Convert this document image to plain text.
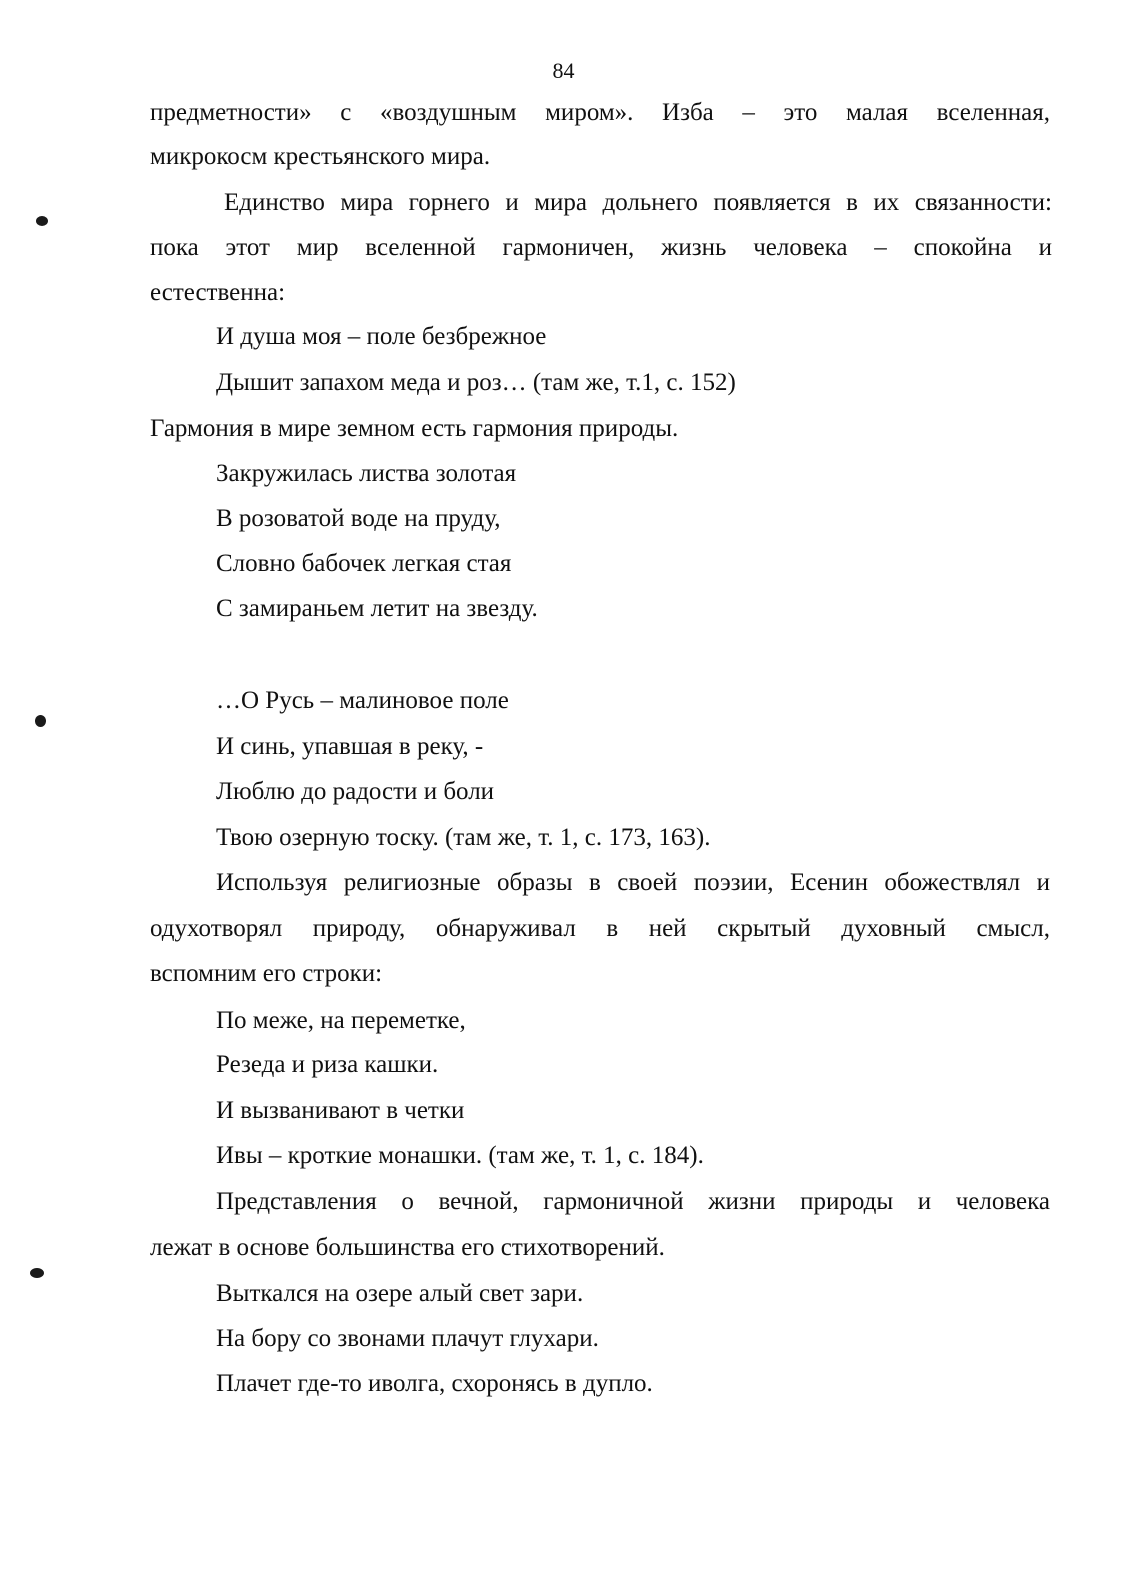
84
предметности» с «воздушным миром». Изба – это малая вселенная,
микрокосм крестьянского мира.
Единство мира горнего и мира дольнего появляется в их связанности:
пока этот мир вселенной гармоничен, жизнь человека – спокойна и
естественна:
И душа моя – поле безбрежное
Дышит запахом меда и роз… (там же, т.1, с. 152)
Гармония в мире земном есть гармония природы.
Закружилась листва золотая
В розоватой воде на пруду,
Словно бабочек легкая стая
С замираньем летит на звезду.
…О Русь – малиновое поле
И синь, упавшая в реку, -
Люблю до радости и боли
Твою озерную тоску. (там же, т. 1, с. 173, 163).
Используя религиозные образы в своей поэзии, Есенин обожествлял и
одухотворял природу, обнаруживал в ней скрытый духовный смысл,
вспомним его строки:
По меже, на переметке,
Резеда и риза кашки.
И вызванивают в четки
Ивы – кроткие монашки. (там же, т. 1, с. 184).
Представления о вечной, гармоничной жизни природы и человека
лежат в основе большинства его стихотворений.
Выткался на озере алый свет зари.
На бору со звонами плачут глухари.
Плачет где-то иволга, схоронясь в дупло.
